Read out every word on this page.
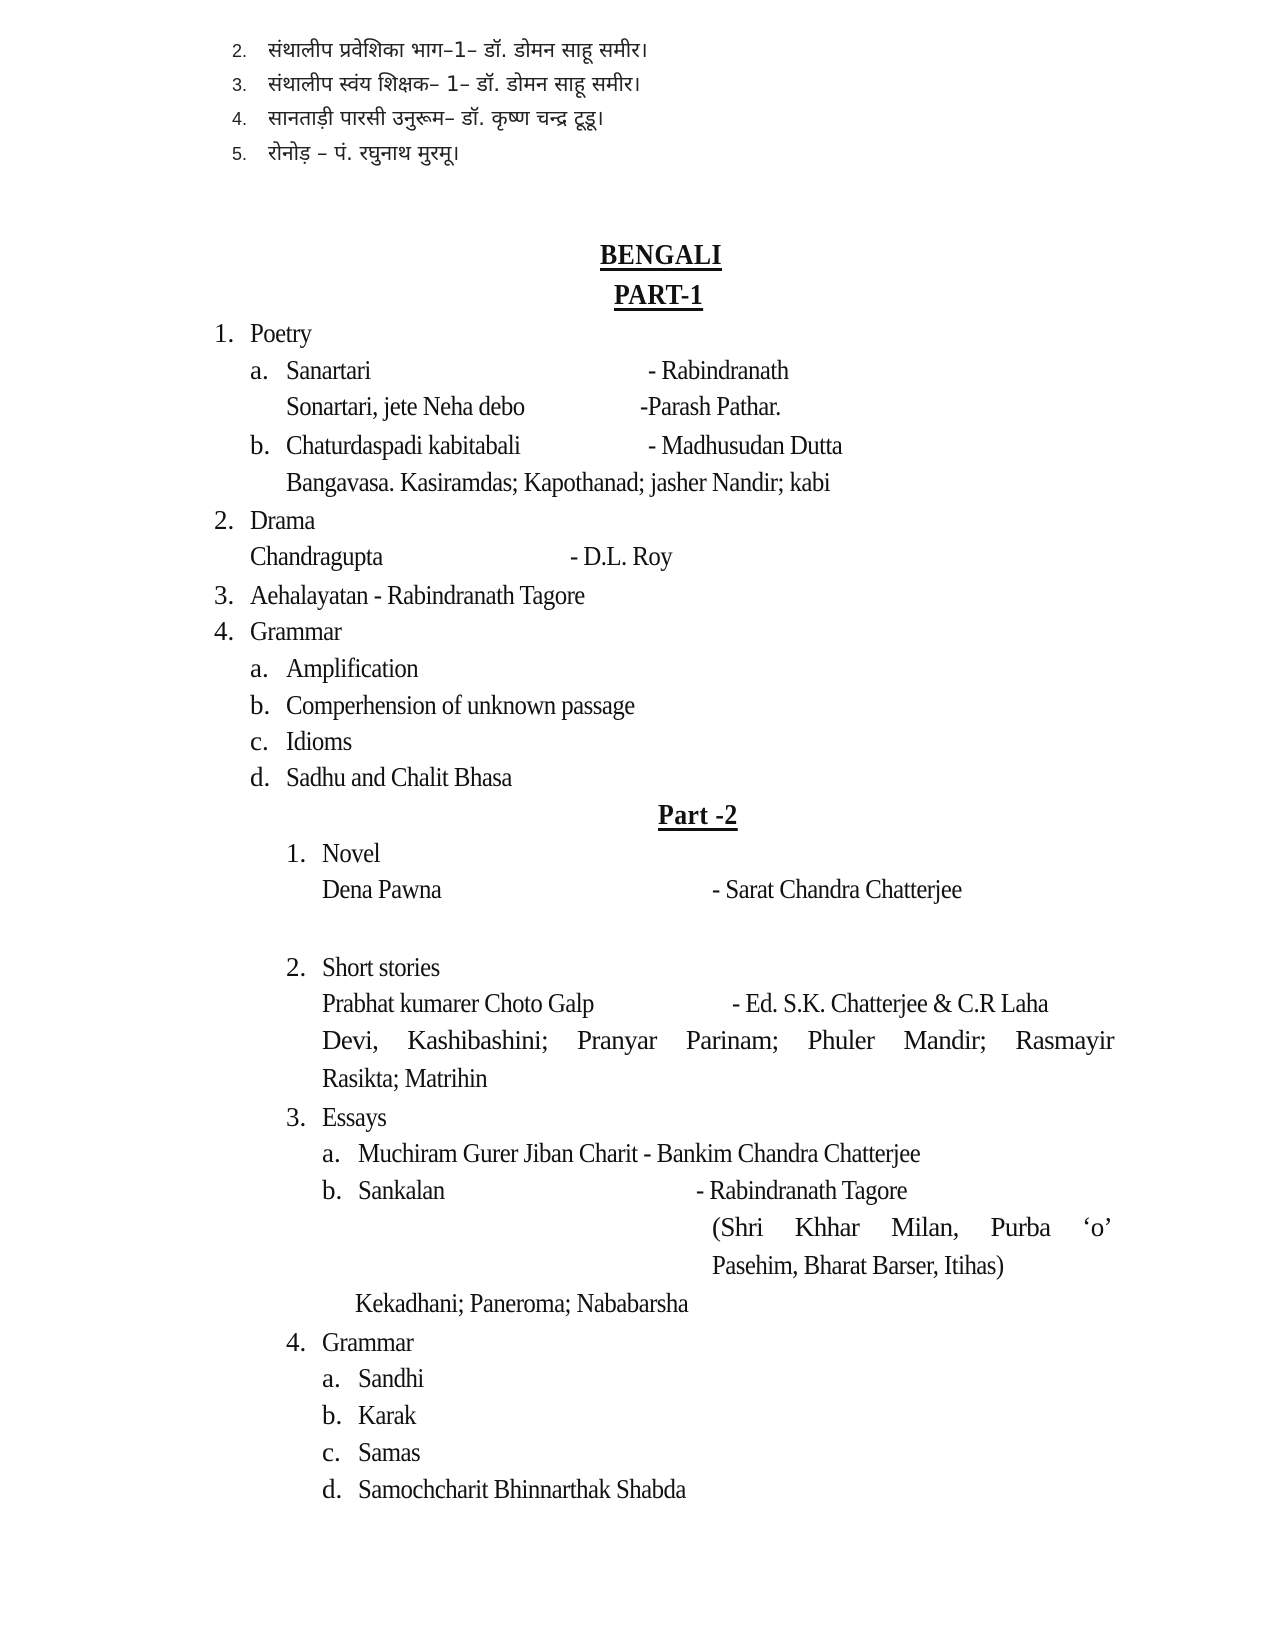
2. संथालीप प्रवेशिका भाग–1– डॉ. डोमन साहू समीर।
3. संथालीप स्वंय शिक्षक– 1– डॉ. डोमन साहू समीर।
4. सानताड़ी पारसी उनुरूम– डॉ. कृष्ण चन्द्र टूडू।
5. रोनोड़ – पं. रघुनाथ मुरमू।
BENGALI
PART-1
1. Poetry
a. Sanartari	- Rabindranath
Sonartari, jete Neha debo	-Parash Pathar.
b. Chaturdaspadi kabitabali	- Madhusudan Dutta
Bangavasa. Kasiramdas; Kapothanad; jasher Nandir; kabi
2. Drama
Chandragupta	- D.L. Roy
3. Aehalayatan - Rabindranath Tagore
4. Grammar
a. Amplification
b. Comperhension of unknown passage
c. Idioms
d. Sadhu and Chalit Bhasa
Part -2
1. Novel
Dena Pawna	- Sarat Chandra Chatterjee
2. Short stories
Prabhat kumarer Choto Galp	- Ed. S.K. Chatterjee & C.R Laha
Devi, Kashibashini; Pranyar Parinam; Phuler Mandir; Rasmayir
Rasikta; Matrihin
3. Essays
a. Muchiram Gurer Jiban Charit - Bankim Chandra Chatterjee
b. Sankalan	- Rabindranath Tagore
(Shri Khhar Milan, Purba ‘o’
Pasehim, Bharat Barser, Itihas)
Kekadhani; Paneroma; Nababarsha
4. Grammar
a. Sandhi
b. Karak
c. Samas
d. Samochcharit Bhinnarthak Shabda
